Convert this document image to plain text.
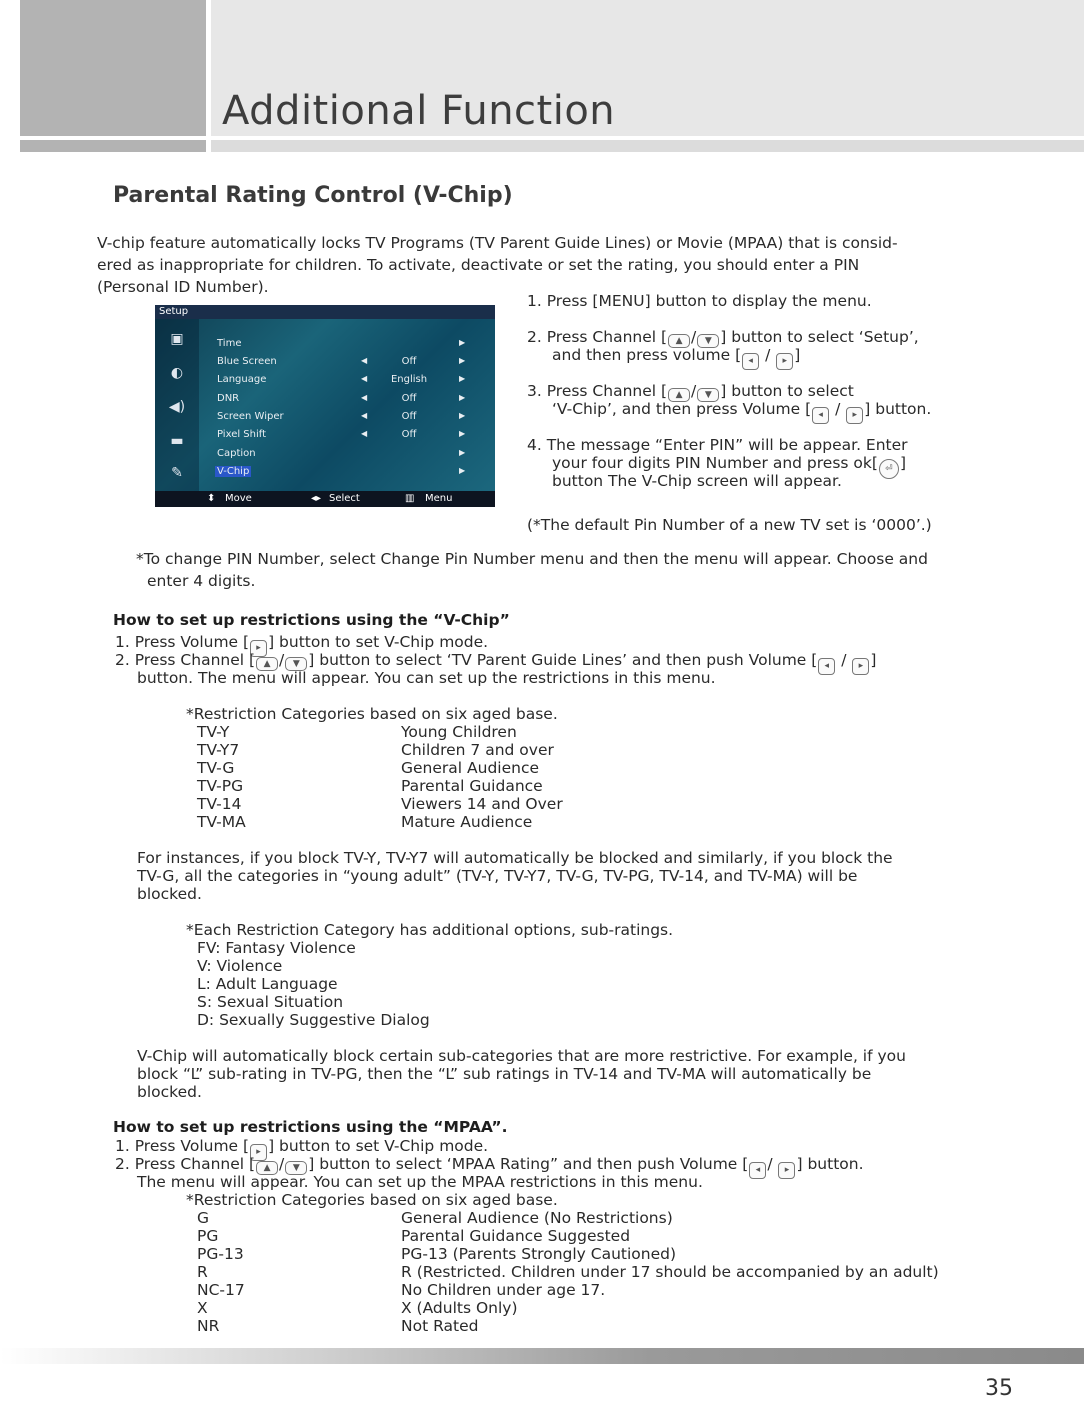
Additional Function
Parental Rating Control (V-Chip)
V-chip feature automatically locks TV Programs (TV Parent Guide Lines) or Movie (MPAA) that is consid-
ered as inappropriate for children. To activate, deactivate or set the rating, you should enter a PIN
(Personal ID Number).
Setup
▣
◐
◀)
▬
✎
Time	▶
Blue Screen	◀	Off	▶
Language	◀	English	▶
DNR	◀	Off	▶
Screen Wiper	◀	Off	▶
Pixel Shift	◀	Off	▶
Caption	▶
V-Chip	▶
⬍ Move	◂▸ Select	▥ Menu
1. Press [MENU] button to display the menu.
2. Press Channel [ ▲ / ▼ ] button to select ‘Setup’,
and then press volume [ ◂ / ▸ ]
3. Press Channel [ ▲ / ▼ ] button to select
‘V-Chip’, and then press Volume [ ◂ / ▸ ] button.
4. The message “Enter PIN” will be appear. Enter
your four digits PIN Number and press ok[ ⏎ ]
button The V-Chip screen will appear.
(*The default Pin Number of a new TV set is ‘0000’.)
*To change PIN Number, select Change Pin Number menu and then the menu will appear. Choose and
enter 4 digits.
How to set up restrictions using the “V-Chip”
1. Press Volume [ ▸ ] button to set V-Chip mode.
2. Press Channel [ ▲ / ▼ ] button to select ‘TV Parent Guide Lines’ and then push Volume [ ◂ / ▸ ]
button. The menu will appear. You can set up the restrictions in this menu.
*Restriction Categories based on six aged base.
TV-Y	Young Children
TV-Y7	Children 7 and over
TV-G	General Audience
TV-PG	Parental Guidance
TV-14	Viewers 14 and Over
TV-MA	Mature Audience
For instances, if you block TV-Y, TV-Y7 will automatically be blocked and similarly, if you block the
TV-G, all the categories in “young adult” (TV-Y, TV-Y7, TV-G, TV-PG, TV-14, and TV-MA) will be
blocked.
*Each Restriction Category has additional options, sub-ratings.
FV: Fantasy Violence
V: Violence
L: Adult Language
S: Sexual Situation
D: Sexually Suggestive Dialog
V-Chip will automatically block certain sub-categories that are more restrictive. For example, if you
block “L” sub-rating in TV-PG, then the “L” sub ratings in TV-14 and TV-MA will automatically be
blocked.
How to set up restrictions using the “MPAA”.
1. Press Volume [ ▸ ] button to set V-Chip mode.
2. Press Channel [ ▲ / ▼ ] button to select ‘MPAA Rating” and then push Volume [ ◂ / ▸ ] button.
The menu will appear. You can set up the MPAA restrictions in this menu.
*Restriction Categories based on six aged base.
G	General Audience (No Restrictions)
PG	Parental Guidance Suggested
PG-13	PG-13 (Parents Strongly Cautioned)
R	R (Restricted. Children under 17 should be accompanied by an adult)
NC-17	No Children under age 17.
X	X (Adults Only)
NR	Not Rated
35
